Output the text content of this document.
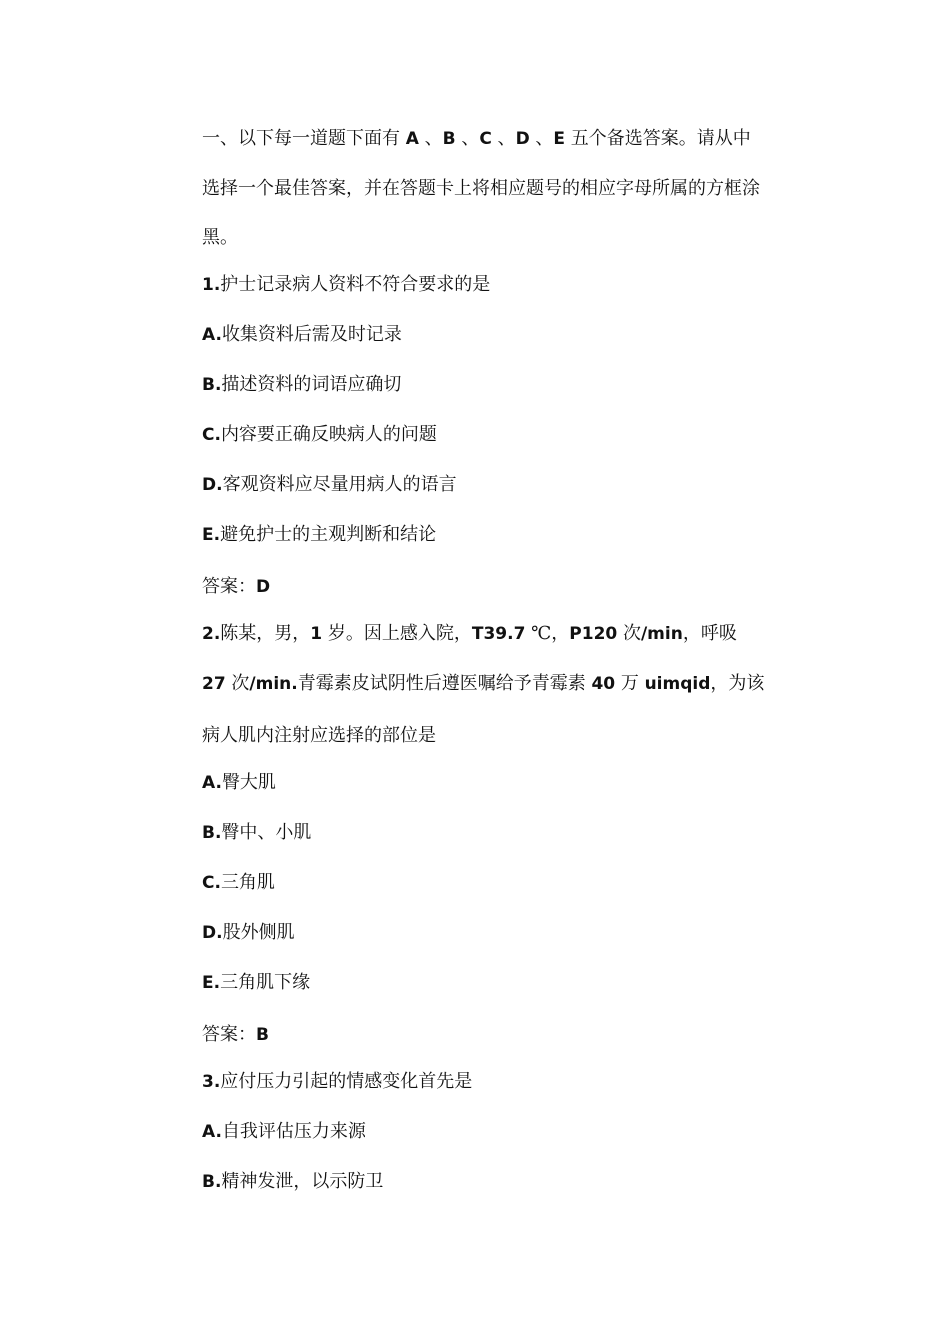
一、以下每一道题下面有 A 、B 、C 、D 、E 五个备选答案。请从中
选择一个最佳答案，并在答题卡上将相应题号的相应字母所属的方框涂
黑。
1.护士记录病人资料不符合要求的是
A.收集资料后需及时记录
B.描述资料的词语应确切
C.内容要正确反映病人的问题
D.客观资料应尽量用病人的语言
E.避免护士的主观判断和结论
答案：D
2.陈某，男，1 岁。因上感入院，T39.7 ℃，P120 次/min，呼吸
27 次/min.青霉素皮试阴性后遵医嘱给予青霉素 40 万 uimqid，为该
病人肌内注射应选择的部位是
A.臀大肌
B.臀中、小肌
C.三角肌
D.股外侧肌
E.三角肌下缘
答案：B
3.应付压力引起的情感变化首先是
A.自我评估压力来源
B.精神发泄，以示防卫
